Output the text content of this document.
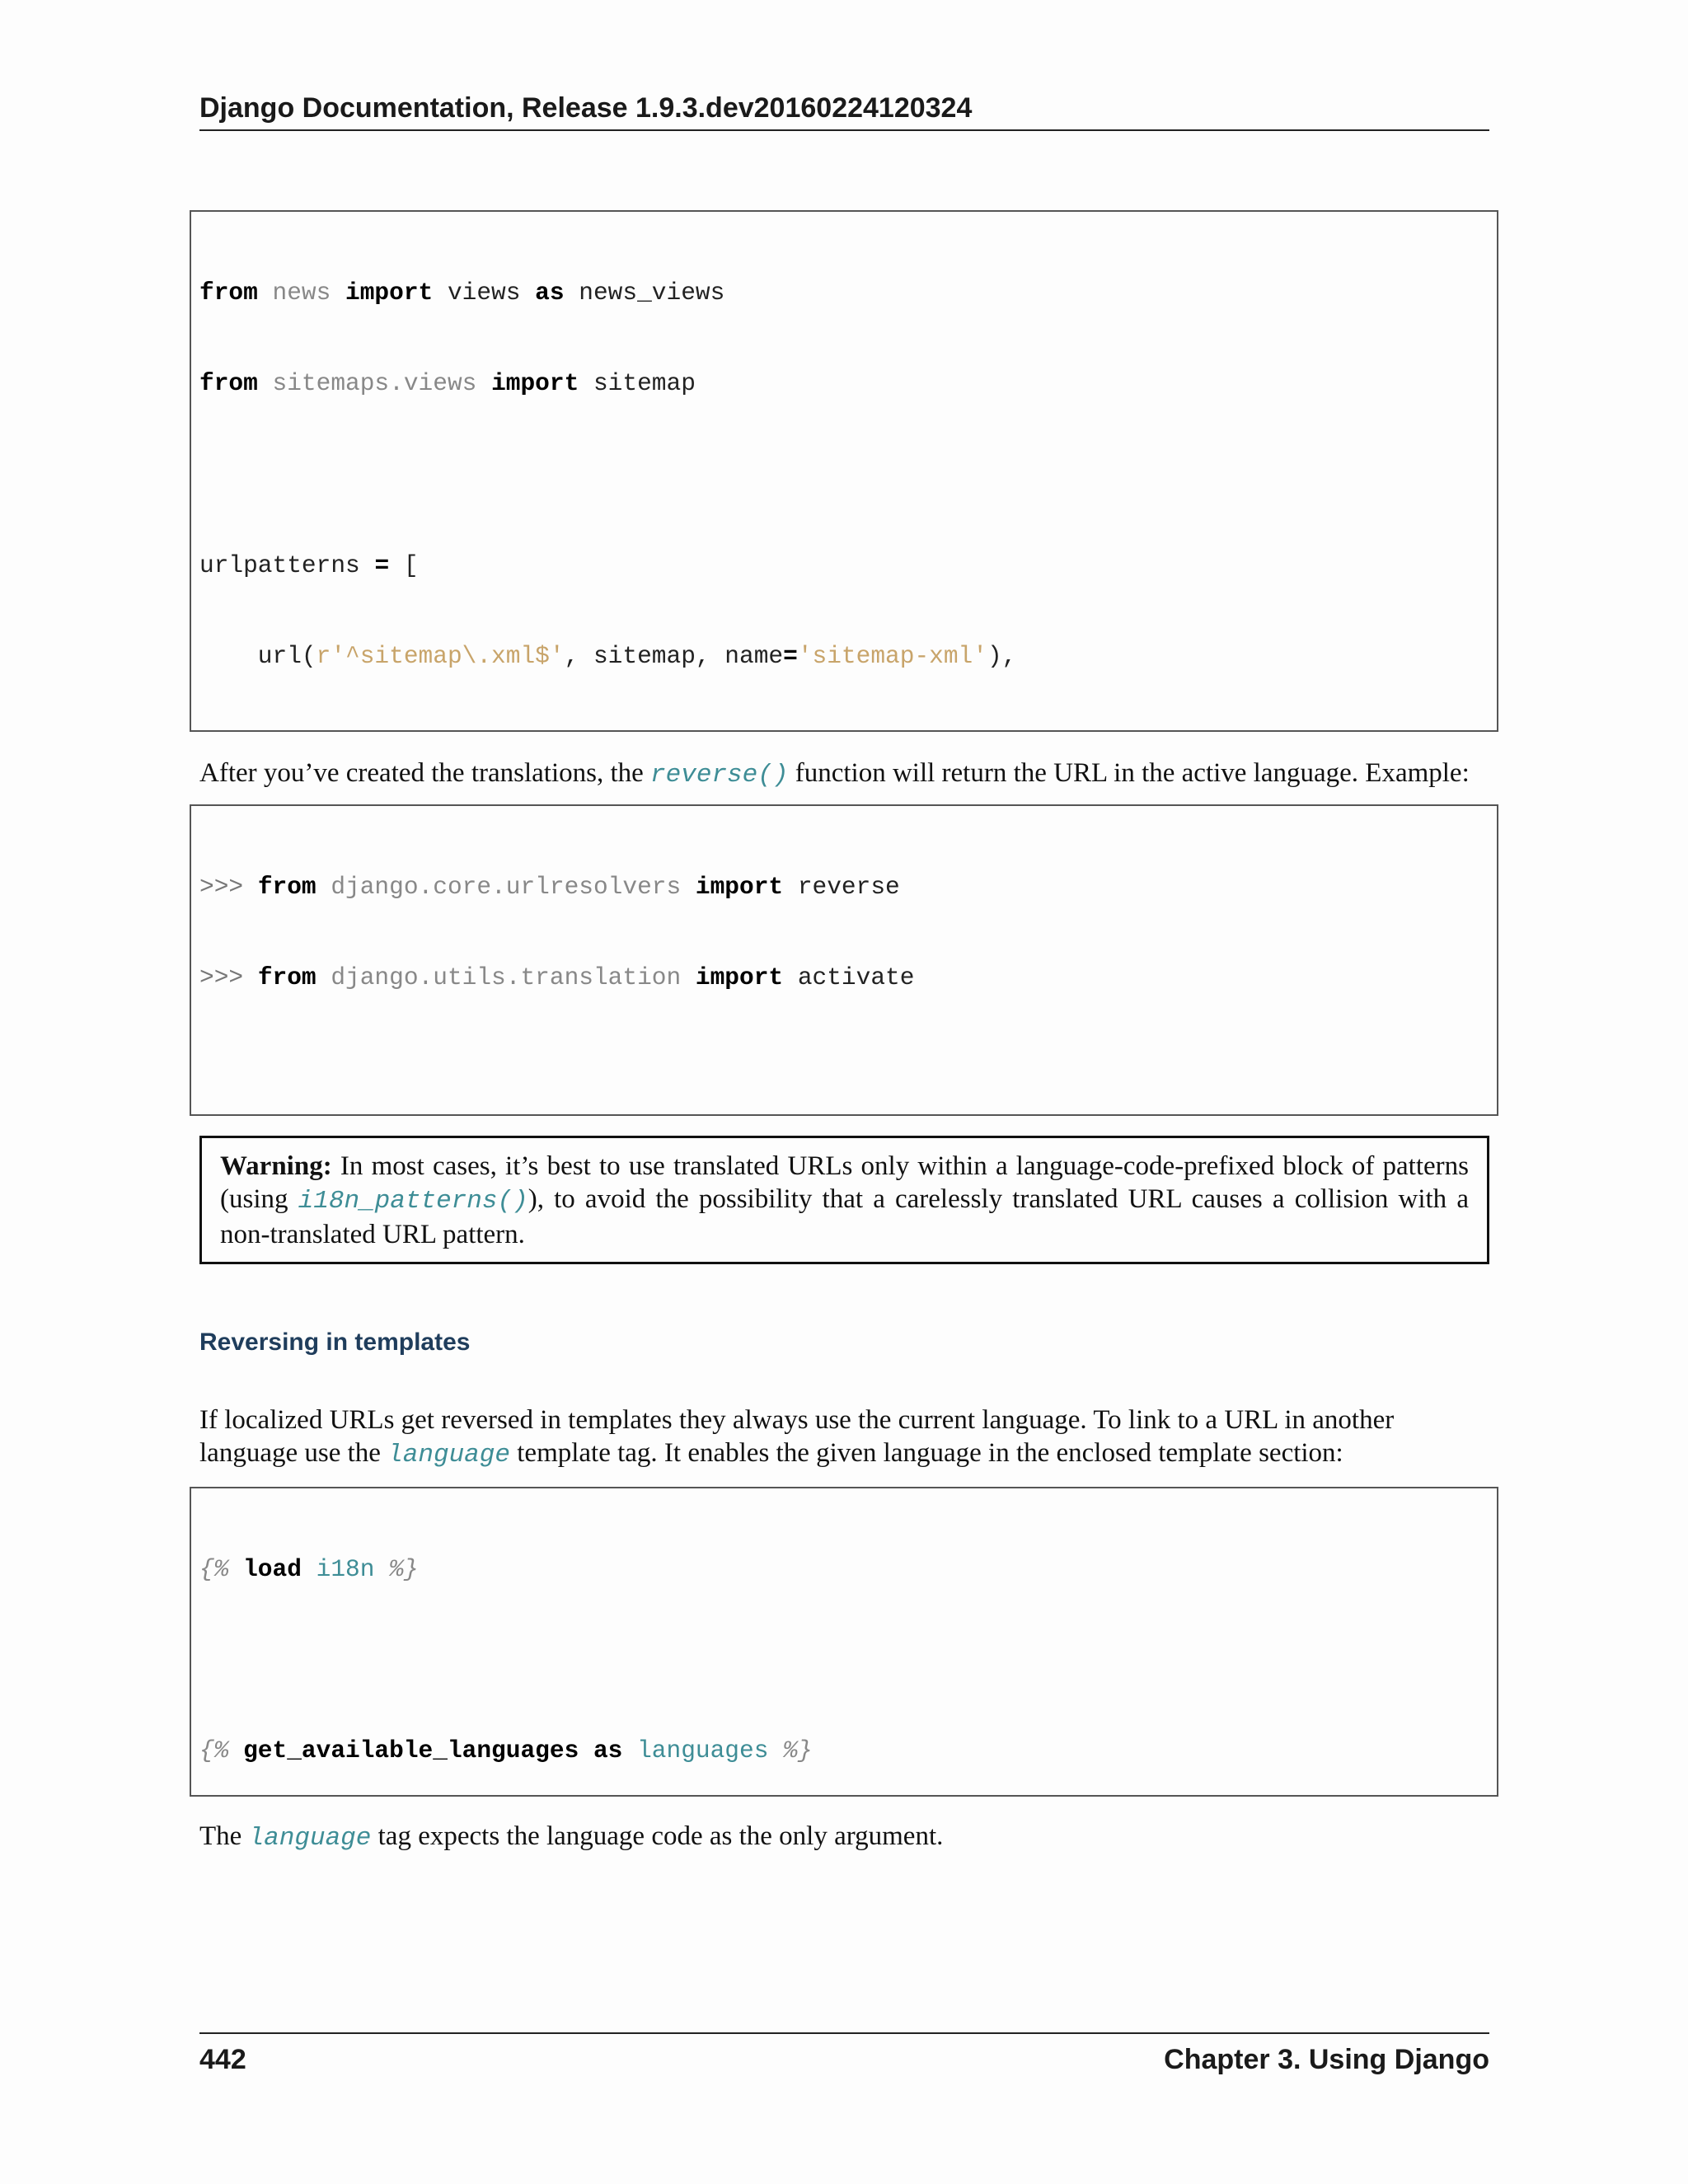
Django Documentation, Release 1.9.3.dev20160224120324

from news import views as news_views

from sitemaps.views import sitemap

urlpatterns = [

url(r'^sitemap\.xml$', sitemap, name='sitemap-xml'),

After you’ve created the translations, the reverse() function will return the URL in the active language. Example:

>>> from django.core.urlresolvers import reverse

>>> from django.utils.translation import activate

Warning: In most cases, it’s best to use translated URLs only within a language-code-prefixed block of patterns (using i18n_patterns()), to avoid the possibility that a carelessly translated URL causes a collision with a non-translated URL pattern.
Reversing in templates
If localized URLs get reversed in templates they always use the current language. To link to a URL in another language use the language template tag. It enables the given language in the enclosed template section:

{% load i18n %}

{% get_available_languages as languages %}

The language tag expects the language code as the only argument.
442	Chapter 3. Using Django
